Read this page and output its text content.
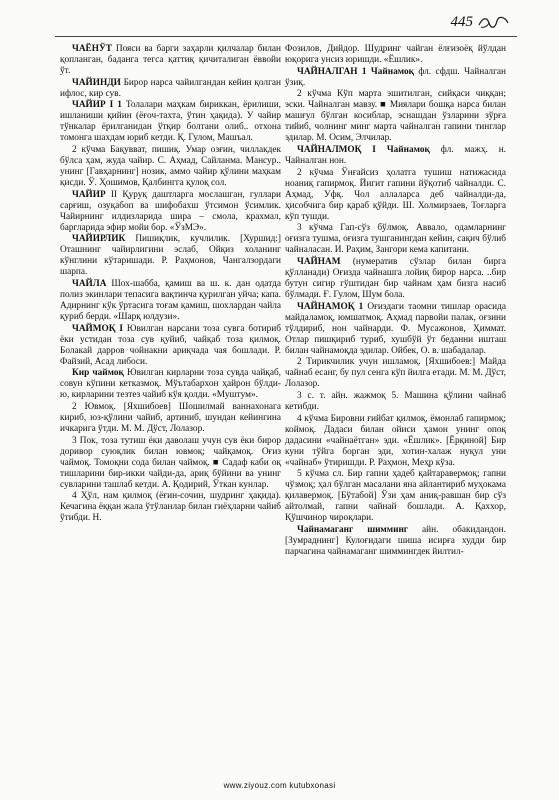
445

ЧАЁНЎТ Пояси ва барги заҳарли қилчалар билан қопланган, баданга тегса қаттиқ қичиталиган ёввойи ўт.

ЧАЙИНДИ Бирор нарса чайилгандан кейин қолган ифлос, кир сув.

ЧАЙИР I 1 Толалари маҳкам бириккан, ёрилиши, ишланиши қийин (ёғоч-тахта, ўтин ҳақида). У чайир тўнкалар ёрилганидан ўтқир болтани олиб.. отхона томонга шахдам юриб кетди. Қ. Гулом, Машъал.

2 кўчма Бақувват, пишиқ. Умар озғин, чиллакдек бўлса ҳам, жуда чайир. С. Аҳмад, Сайланма. Мансур.. унинг [Гавҳарнинг] нозик, аммо чайир қўлини маҳкам қисди. Ў. Ҳошимов, Қалбингга қулоқ сол.

ЧАЙИР II Қуруқ даштларга мослашган, гуллари сарғиш, озуқабоп ва шифобахш ўтсимон ўсимлик. Чайирнинг илдизларида шира – смола, крахмал, баргларида эфир мойи бор. «ЎзМЭ».

ЧАЙИРЛИК Пишиқлик, кучлилик. [Хуршид:] Оташнинг чайирлигини эслаб, Ойқиз холанинг кўнглини кўтаришади. Р. Раҳмонов, Чангалзордаги шарпа.

ЧАЙЛА Шох-шабба, қамиш ва ш. к. дан одатда полиз экинлари тепасига вақтинча қурилган уйча; капа. Адирнинг кўк ўртасига тоғам қамиш, шохлардан чайла қуриб берди. «Шарқ юлдузи».

ЧАЙМОҚ I Ювилган нарсани тоза сувга ботириб ёки устидан тоза сув қуйиб, чайқаб тоза қилмоқ. Болакай дарров чойнакни ариқчада чая бошлади. Р. Файзий, Асад либоси.

Кир чаймоқ Ювилган кирларни тоза сувда чайқаб, совун кўпини кетказмоқ. Мўътабархон ҳайрон бўлди-ю, кирларини тезтез чайиб кўя қолди. «Муштум».

2 Ювмоқ. [Яхшибоев] Шошилмай ваннахонага кириб, юз-қўлини чайиб, артиниб, шундан кейингина ичкарига ўтди. М. М. Дўст, Лолазор.

3 Пок, тоза тутиш ёки даволаш учун сув ёки бирор доривор суюқлик билан ювмоқ; чайқамоқ. Оғиз чаймоқ. Томоқни сода билан чаймоқ. ■ Садаф каби оқ тишларини бир-икки чайди-да, ариқ бўйини ва унинг сувларини ташлаб кетди. А. Қодирий, Ўткан кунлар.

4 Ҳўл, нам қилмоқ (ёғин-сочин, шудринг ҳақида). Кечагина ёққан жала ўтўланлар билан гиёҳларни чайиб ўтибди. Н.

Фозилов, Дийдор. Шудринг чайган ёлғизоёқ йўлдан юқорига унсиз юришди. «Ёшлик».

ЧАЙНАЛГАН 1 Чайнамоқ фл. сфдш. Чайналган ўзиқ.

2 кўчма Кўп марта эшитилган, сийқаси чиққан; эски. Чайналган мавзу. ■ Миялари бошқа нарса билан машғул бўлган косиблар, эснашдан ўзларини зўрға тийиб, чолнинг минг марта чайналган гапини тинглар эдилар. М. Осим, Элчилар.

ЧАЙНАЛМОҚ I Чайнамоқ фл. мажҳ. н. Чайналган нон.

2 кўчма Ўнғайсиз ҳолатга тушиш натижасида ноаниқ гапирмоқ. Йигит гапини йўқотиб чайналди. С. Аҳмад, Уфқ. Чол аллаларса деб чайналди-да, ҳисобчига бир қараб қўйди. Ш. Холмирзаев, Тоғларга кўп тушди.

3 кўчма Гап-сўз бўлмоқ. Аввало, одамларнинг оғизга тушма, оғизга тушганингдан кейин, сақич бўлиб чайналасан. И. Раҳим, Зангори кема капитани.

ЧАЙНАМ (нумератив сўзлар билан бирга қўлланади) Оғизда чайнашга лойиқ бирор нарса. ..бир бутун сигир гўштидан бир чайнам ҳам бизга насиб бўлмади. Ғ. Гулом, Шум бола.

ЧАЙНАМОҚ 1 Оғиздаги таомни тишлар орасида майдаламоқ, юмшатмоқ. Аҳмад парвойи палак, оғзини тўлдириб, нон чайнарди. Ф. Мусажонов, Ҳиммат. Отлар пишқириб туриб, хушбўй ўт беданни ишташ билан чайнамоқда эдилар. Ойбек, О. в. шабадалар.

2 Тирикчилик учун ишламоқ. [Яхшибоев:] Майда чайнаб есанг, бу пул сенга кўп йилга етади. М. М. Дўст, Лолазор.

3 с. т. айн. жажмоқ 5. Машина қўлини чайнаб кетибди.

4 кўчма Бировни ғийбат қилмоқ, ёмонлаб гапирмоқ; коймоқ. Дадаси билан ойиси ҳамон унинг опоқ дадасини «чайнаётган» эди. «Ёшлик». [Ёрқиной] Бир куни тўйга борган эди, хотин-халаж нуқул уни «чайнаб» ўтиришди. Р. Раҳмон, Меҳр кўза.

5 кўчма сл. Бир гапни ҳадеб қайтаравермоқ; гапни чўзмоқ; ҳал бўлган масалани яна айлантириб муҳокама қилавермоқ. [Бўтабой] Ўзи ҳам аниқ-равшан бир сўз айтолмай, гапни чайнай бошлади. А. Қаххор, Қўшчинор чироқлари.

Чайнамаганг шимминг айн. обакидандон. [Зумраднинг] Кулоғидаги шиша исирға худди бир парчагина чайнамаганг шиммингдек йилтил-

www.ziyouz.com kutubxonasi
